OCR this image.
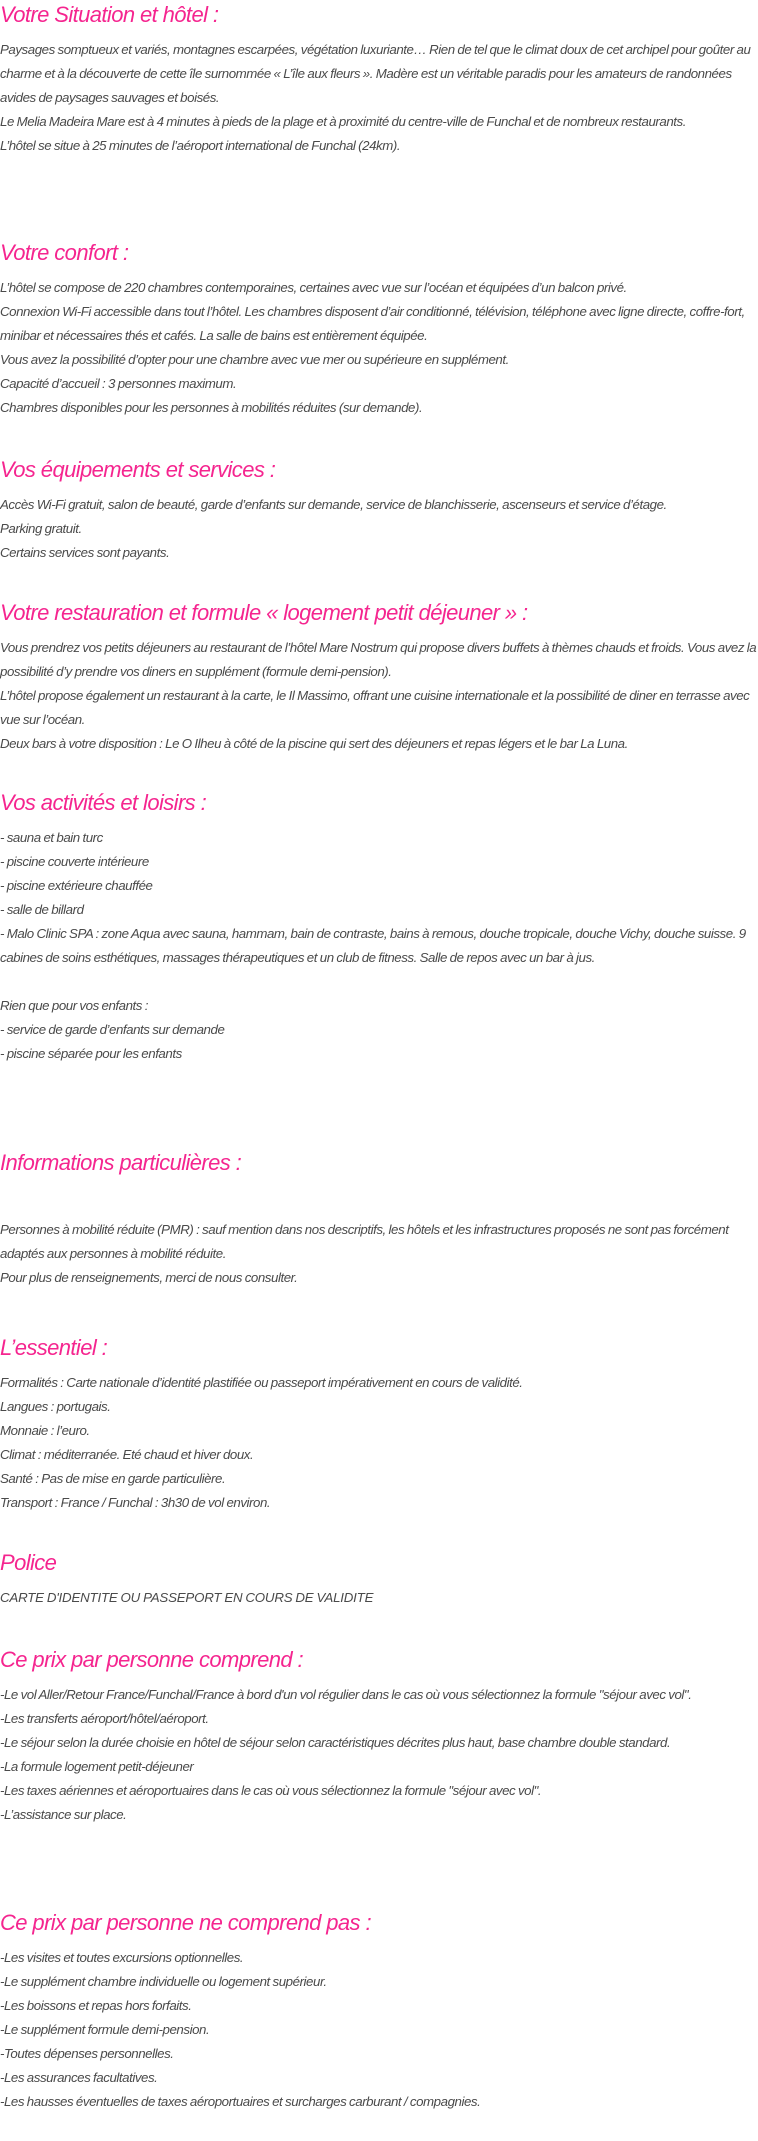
Votre Situation et hôtel :

Paysages somptueux et variés, montagnes escarpées, végétation luxuriante… Rien de tel que le climat doux de cet archipel pour goûter au charme et à la découverte de cette île surnommée « L’île aux fleurs ». Madère est un véritable paradis pour les amateurs de randonnées avides de paysages sauvages et boisés.
Le Melia Madeira Mare est à 4 minutes à pieds de la plage et à proximité du centre-ville de Funchal et de nombreux restaurants.
L’hôtel se situe à 25 minutes de l’aéroport international de Funchal (24km).

Votre confort :

L’hôtel se compose de 220 chambres contemporaines, certaines avec vue sur l’océan et équipées d’un balcon privé.
Connexion Wi-Fi accessible dans tout l’hôtel. Les chambres disposent d’air conditionné, télévision, téléphone avec ligne directe, coffre-fort, minibar et nécessaires thés et cafés. La salle de bains est entièrement équipée.
Vous avez la possibilité d’opter pour une chambre avec vue mer ou supérieure en supplément.
Capacité d’accueil : 3 personnes maximum.
Chambres disponibles pour les personnes à mobilités réduites (sur demande).

Vos équipements et services :

Accès Wi-Fi gratuit, salon de beauté, garde d’enfants sur demande, service de blanchisserie, ascenseurs et service d’étage.
Parking gratuit.
Certains services sont payants.

Votre restauration et formule « logement petit déjeuner » :

Vous prendrez vos petits déjeuners au restaurant de l’hôtel Mare Nostrum qui propose divers buffets à thèmes chauds et froids. Vous avez la possibilité d’y prendre vos diners en supplément (formule demi-pension).
L’hôtel propose également un restaurant à la carte, le Il Massimo, offrant une cuisine internationale et la possibilité de diner en terrasse avec vue sur l’océan.
Deux bars à votre disposition : Le O Ilheu à côté de la piscine qui sert des déjeuners et repas légers et le bar La Luna.

Vos activités et loisirs :

- sauna et bain turc
- piscine couverte intérieure
- piscine extérieure chauffée
- salle de billard
- Malo Clinic SPA : zone Aqua avec sauna, hammam, bain de contraste, bains à remous, douche tropicale, douche Vichy, douche suisse. 9 cabines de soins esthétiques, massages thérapeutiques et un club de fitness. Salle de repos avec un bar à jus.
Rien que pour vos enfants :
- service de garde d’enfants sur demande
- piscine séparée pour les enfants

Informations particulières :

Personnes à mobilité réduite (PMR) : sauf mention dans nos descriptifs, les hôtels et les infrastructures proposés ne sont pas forcément adaptés aux personnes à mobilité réduite.
Pour plus de renseignements, merci de nous consulter.

L’essentiel :

Formalités : Carte nationale d’identité plastifiée ou passeport impérativement en cours de validité.
Langues : portugais.
Monnaie : l’euro.
Climat : méditerranée. Eté chaud et hiver doux.
Santé : Pas de mise en garde particulière.
Transport : France / Funchal : 3h30 de vol environ.

Police

CARTE D'IDENTITE OU PASSEPORT EN COURS DE VALIDITE

Ce prix par personne comprend :

-Le vol Aller/Retour France/Funchal/France à bord d'un vol régulier dans le cas où vous sélectionnez la formule "séjour avec vol".
-Les transferts aéroport/hôtel/aéroport.
-Le séjour selon la durée choisie en hôtel de séjour selon caractéristiques décrites plus haut, base chambre double standard.
-La formule logement petit-déjeuner
-Les taxes aériennes et aéroportuaires dans le cas où vous sélectionnez la formule "séjour avec vol".
-L’assistance sur place.

Ce prix par personne ne comprend pas :

-Les visites et toutes excursions optionnelles.
-Le supplément chambre individuelle ou logement supérieur.
-Les boissons et repas hors forfaits.
-Le supplément formule demi-pension.
-Toutes dépenses personnelles.
-Les assurances facultatives.
-Les hausses éventuelles de taxes aéroportuaires et surcharges carburant / compagnies.
